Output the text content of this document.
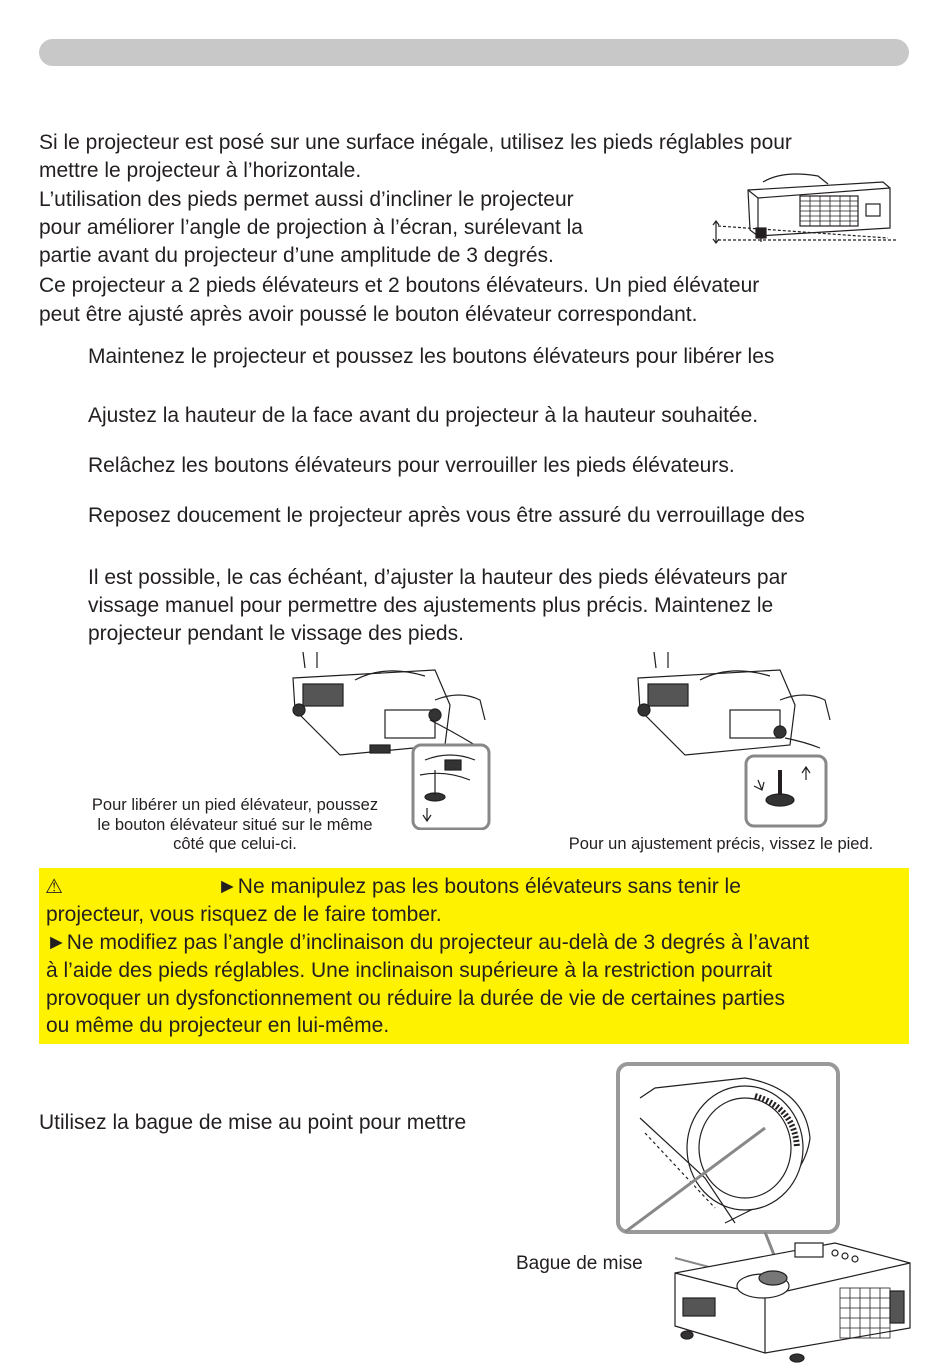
Si le projecteur est posé sur une surface inégale, utilisez les pieds réglables pour
mettre le projecteur à l’horizontale.
L’utilisation des pieds permet aussi d’incliner le projecteur
pour améliorer l’angle de projection à l’écran, surélevant la
partie avant du projecteur d’une amplitude de 3 degrés.
Ce projecteur a 2 pieds élévateurs et 2 boutons élévateurs. Un pied élévateur
peut être ajusté après avoir poussé le bouton élévateur correspondant.
Maintenez le projecteur et poussez les boutons élévateurs pour libérer les
Ajustez la hauteur de la face avant du projecteur à la hauteur souhaitée.
Relâchez les boutons élévateurs pour verrouiller les pieds élévateurs.
Reposez doucement le projecteur après vous être assuré du verrouillage des
Il est possible, le cas échéant, d’ajuster la hauteur des pieds élévateurs par
vissage manuel pour permettre des ajustements plus précis. Maintenez le
projecteur pendant le vissage des pieds.
Pour libérer un pied élévateur, poussez
le bouton élévateur situé sur le même
côté que celui-ci.	Pour un ajustement précis, vissez le pied.
⚠	►Ne manipulez pas les boutons élévateurs sans tenir le
projecteur, vous risquez de le faire tomber.
►Ne modifiez pas l’angle d’inclinaison du projecteur au-delà de 3 degrés à l’avant
à l’aide des pieds réglables. Une inclinaison supérieure à la restriction pourrait
provoquer un dysfonctionnement ou réduire la durée de vie de certaines parties
ou même du projecteur en lui-même.
Utilisez la bague de mise au point pour mettre
Bague de mise
